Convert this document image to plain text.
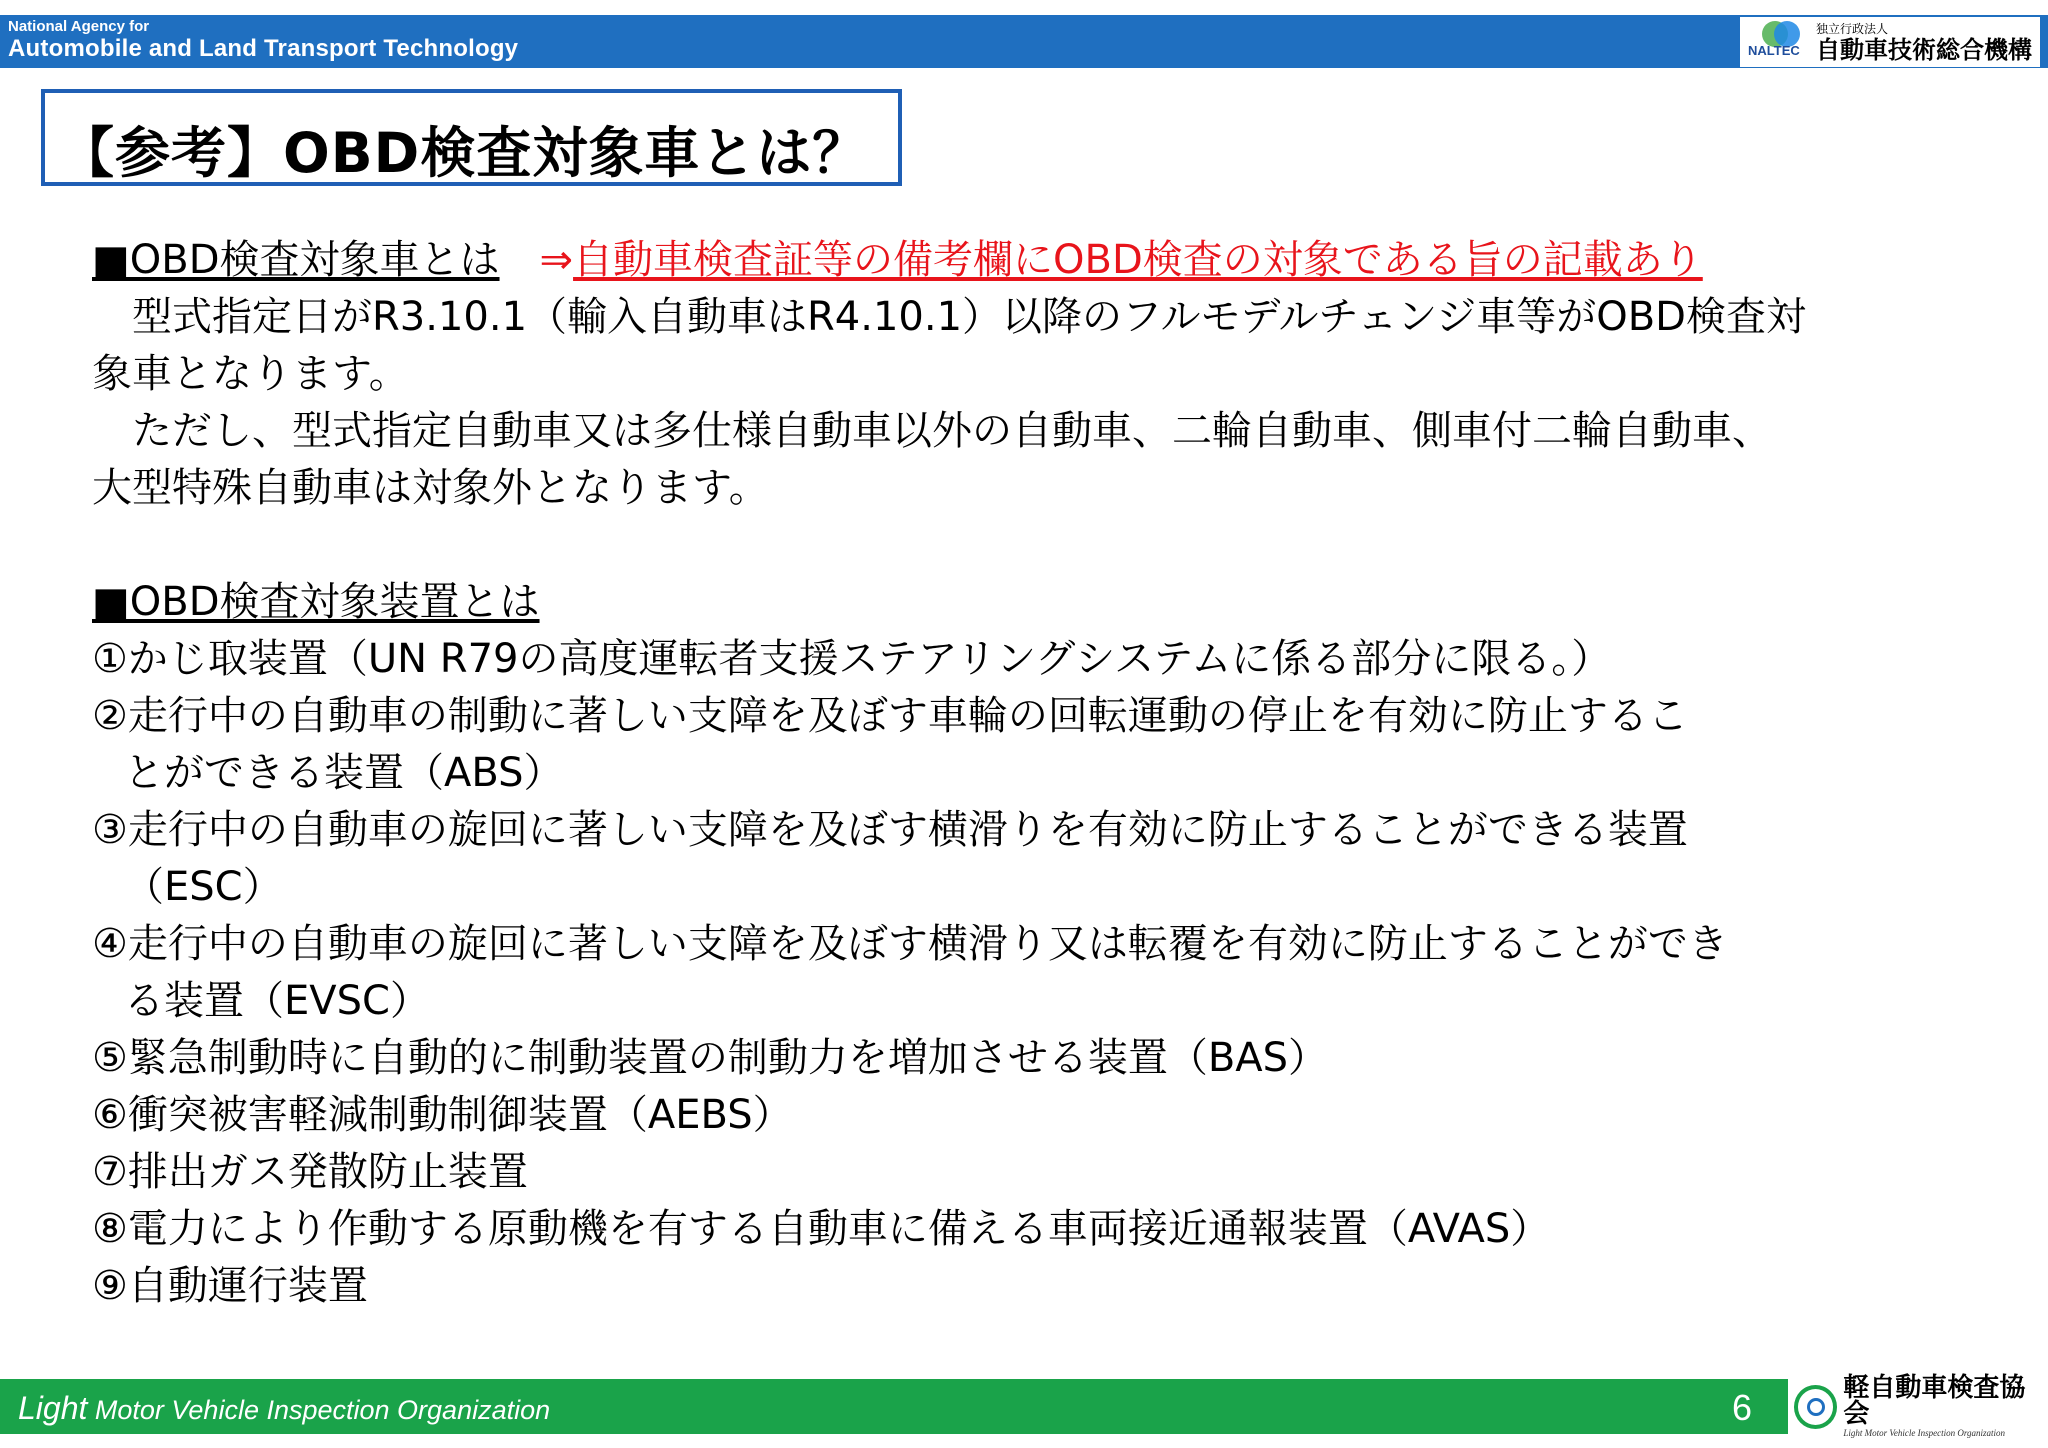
National Agency for
Automobile and Land Transport Technology	NALTEC
独立行政法人
自動車技術総合機構
【参考】OBD検査対象車とは？
■OBD検査対象車とは　 ⇒自動車検査証等の備考欄にOBD検査の対象である旨の記載あり
　型式指定日がR3.10.1（輸入自動車はR4.10.1）以降のフルモデルチェンジ車等がOBD検査対
象車となります。
　ただし、型式指定自動車又は多仕様自動車以外の自動車、二輪自動車、側車付二輪自動車、
大型特殊自動車は対象外となります。
■OBD検査対象装置とは
①かじ取装置（UN R79の高度運転者支援ステアリングシステムに係る部分に限る。）
②走行中の自動車の制動に著しい支障を及ぼす車輪の回転運動の停止を有効に防止するこ
とができる装置（ABS）
③走行中の自動車の旋回に著しい支障を及ぼす横滑りを有効に防止することができる装置
（ESC）
④走行中の自動車の旋回に著しい支障を及ぼす横滑り又は転覆を有効に防止することができ
る装置（EVSC）
⑤緊急制動時に自動的に制動装置の制動力を増加させる装置（BAS）
⑥衝突被害軽減制動制御装置（AEBS）
⑦排出ガス発散防止装置
⑧電力により作動する原動機を有する自動車に備える車両接近通報装置（AVAS）
⑨自動運行装置
Light Motor Vehicle Inspection Organization	6	軽自動車検査協会
Light Motor Vehicle Inspection Organization
